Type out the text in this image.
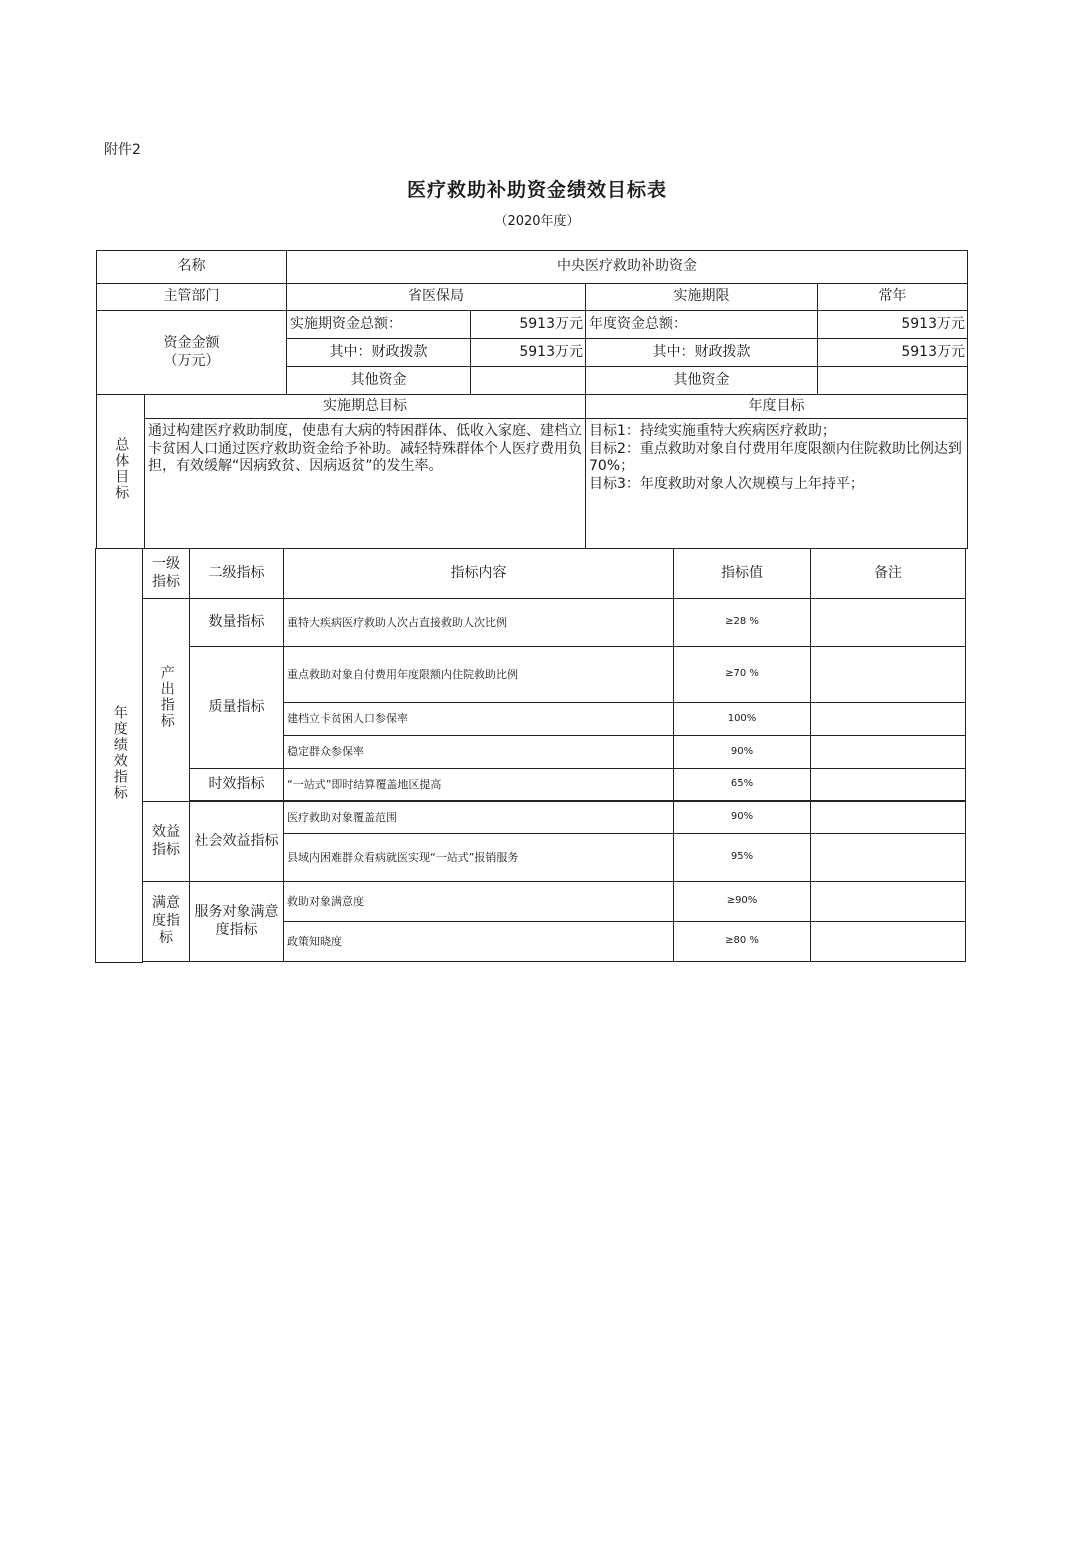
附件2
医疗救助补助资金绩效目标表
（2020年度）
名称		中央医疗救助补助资金			
主管部门		省医保局		实施期限	常年
资金金额
（万元）		实施期资金总额：	5913万元	年度资金总额：	5913万元
		其中：财政拨款	5913万元	其中：财政拨款	5913万元
		其他资金		其他资金	
总体目标	实施期总目标			年度目标	
	通过构建医疗救助制度，使患有大病的特困群体、低收入家庭、建档立卡贫困人口通过医疗救助资金给予补助。减轻特殊群体个人医疗费用负担，有效缓解“因病致贫、因病返贫”的发生率。			目标1：持续实施重特大疾病医疗救助；
目标2：重点救助对象自付费用年度限额内住院救助比例达到70%；
目标3：年度救助对象人次规模与上年持平；	
年度绩效指标	一级指标	二级指标	指标内容	指标值	备注
	产出指标	数量指标	重特大疾病医疗救助人次占直接救助人次比例	≥28 %	
		质量指标	重点救助对象自付费用年度限额内住院救助比例	≥70 %	
			建档立卡贫困人口参保率	100%	
			稳定群众参保率	90%	
		时效指标	“一站式”即时结算覆盖地区提高	65%	

	效益指标	社会效益指标	医疗救助对象覆盖范围	90%	
			县域内困难群众看病就医实现“一站式”报销服务	95%	
	满意度指标	服务对象满意度指标	救助对象满意度	≥90%	
			政策知晓度	≥80 %	
